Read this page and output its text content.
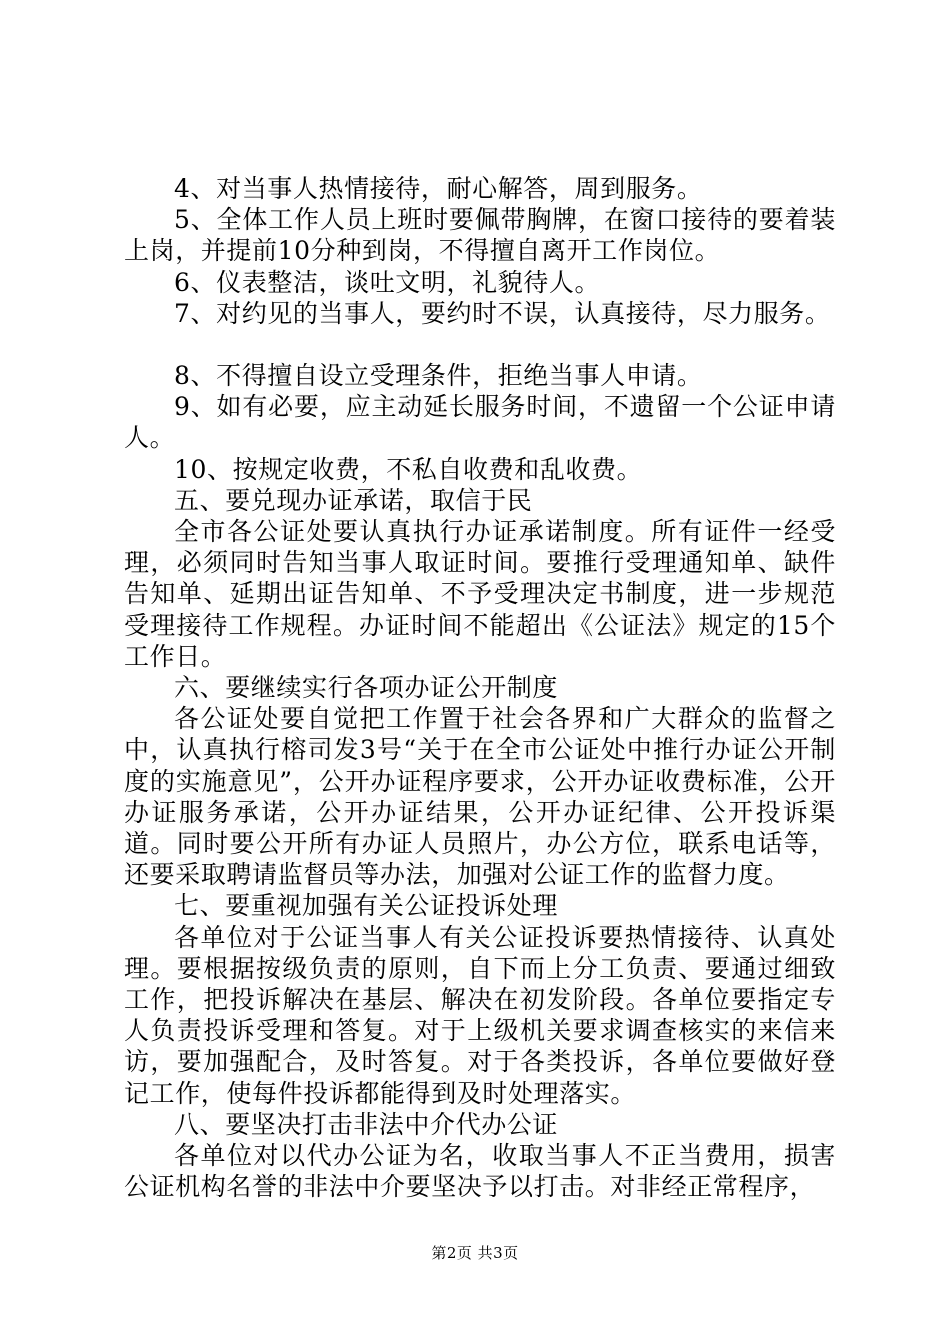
4、对当事人热情接待，耐心解答，周到服务。

5、全体工作人员上班时要佩带胸牌，在窗口接待的要着装上岗，并提前10分种到岗，不得擅自离开工作岗位。

6、仪表整洁，谈吐文明，礼貌待人。

7、对约见的当事人，要约时不误，认真接待，尽力服务。

8、不得擅自设立受理条件，拒绝当事人申请。

9、如有必要，应主动延长服务时间，不遗留一个公证申请人。

10、按规定收费，不私自收费和乱收费。

五、要兑现办证承诺，取信于民

全市各公证处要认真执行办证承诺制度。所有证件一经受理，必须同时告知当事人取证时间。要推行受理通知单、缺件告知单、延期出证告知单、不予受理决定书制度，进一步规范受理接待工作规程。办证时间不能超出《公证法》规定的15个工作日。

六、要继续实行各项办证公开制度

各公证处要自觉把工作置于社会各界和广大群众的监督之中，认真执行榕司发3号“关于在全市公证处中推行办证公开制度的实施意见”，公开办证程序要求，公开办证收费标准，公开办证服务承诺，公开办证结果，公开办证纪律、公开投诉渠道。同时要公开所有办证人员照片，办公方位，联系电话等，还要采取聘请监督员等办法，加强对公证工作的监督力度。

七、要重视加强有关公证投诉处理

各单位对于公证当事人有关公证投诉要热情接待、认真处理。要根据按级负责的原则，自下而上分工负责、要通过细致工作，把投诉解决在基层、解决在初发阶段。各单位要指定专人负责投诉受理和答复。对于上级机关要求调查核实的来信来访，要加强配合，及时答复。对于各类投诉，各单位要做好登记工作，使每件投诉都能得到及时处理落实。

八、要坚决打击非法中介代办公证

各单位对以代办公证为名，收取当事人不正当费用，损害公证机构名誉的非法中介要坚决予以打击。对非经正常程序，

第2页 共3页
